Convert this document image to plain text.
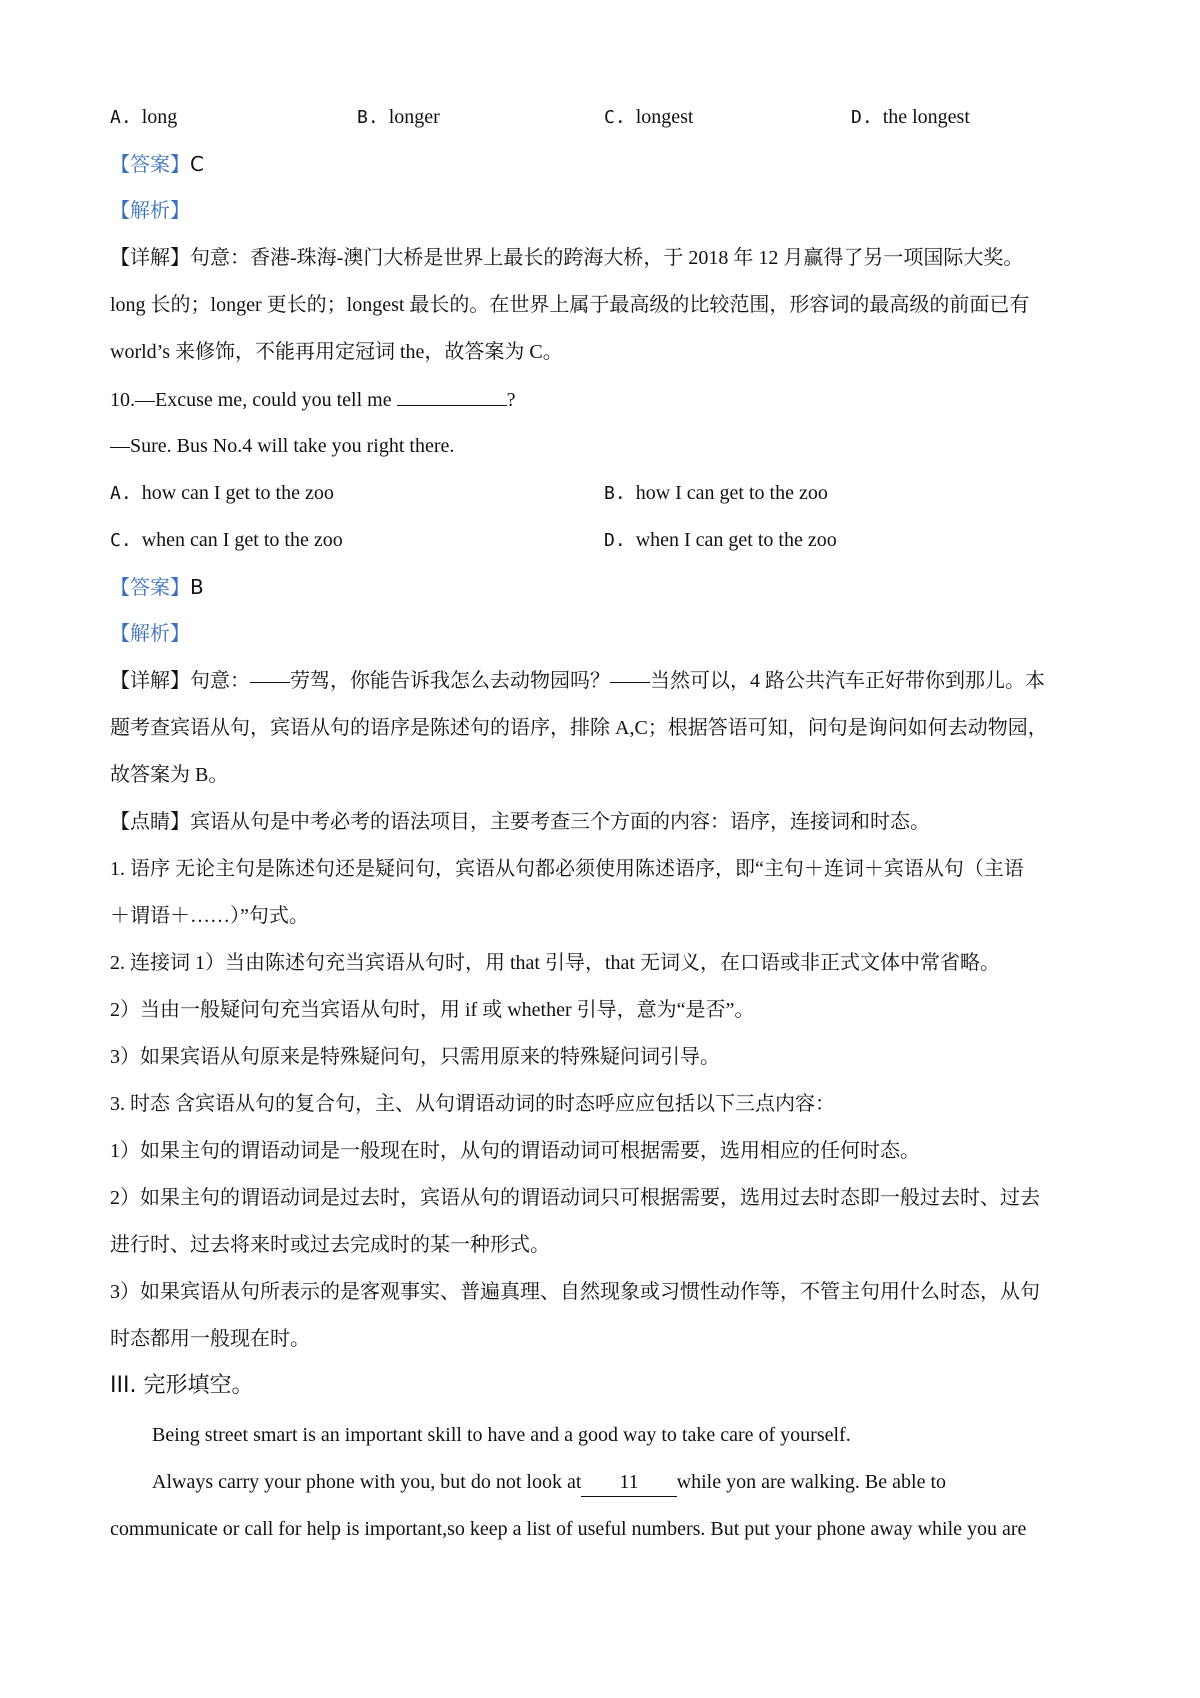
A. long	B. longer	C. longest	D. the longest
【答案】C
【解析】
【详解】句意：香港-珠海-澳门大桥是世界上最长的跨海大桥，于 2018 年 12 月赢得了另一项国际大奖。
long 长的；longer 更长的；longest 最长的。在世界上属于最高级的比较范围，形容词的最高级的前面已有
world’s 来修饰，不能再用定冠词 the，故答案为 C。
10.—Excuse me, could you tell me	?
—Sure. Bus No.4 will take you right there.
A. how can I get to the zoo	B. how I can get to the zoo
C. when can I get to the zoo	D. when I can get to the zoo
【答案】B
【解析】
【详解】句意：——劳驾，你能告诉我怎么去动物园吗？——当然可以，4 路公共汽车正好带你到那儿。本
题考查宾语从句，宾语从句的语序是陈述句的语序，排除 A,C；根据答语可知，问句是询问如何去动物园，
故答案为 B。
【点睛】宾语从句是中考必考的语法项目，主要考查三个方面的内容：语序，连接词和时态。
1. 语序 无论主句是陈述句还是疑问句，宾语从句都必须使用陈述语序，即“主句＋连词＋宾语从句（主语
＋谓语＋……）”句式。
2. 连接词 1）当由陈述句充当宾语从句时，用 that 引导，that 无词义，在口语或非正式文体中常省略。
2）当由一般疑问句充当宾语从句时，用 if 或 whether 引导，意为“是否”。
3）如果宾语从句原来是特殊疑问句，只需用原来的特殊疑问词引导。
3. 时态 含宾语从句的复合句，主、从句谓语动词的时态呼应应包括以下三点内容：
1）如果主句的谓语动词是一般现在时，从句的谓语动词可根据需要，选用相应的任何时态。
2）如果主句的谓语动词是过去时，宾语从句的谓语动词只可根据需要，选用过去时态即一般过去时、过去
进行时、过去将来时或过去完成时的某一种形式。
3）如果宾语从句所表示的是客观事实、普遍真理、自然现象或习惯性动作等，不管主句用什么时态，从句
时态都用一般现在时。
III. 完形填空。
Being street smart is an important skill to have and a good way to take care of yourself.
Always carry your phone with you, but do not look at 11 while yon are walking. Be able to
communicate or call for help is important,so keep a list of useful numbers. But put your phone away while you are
